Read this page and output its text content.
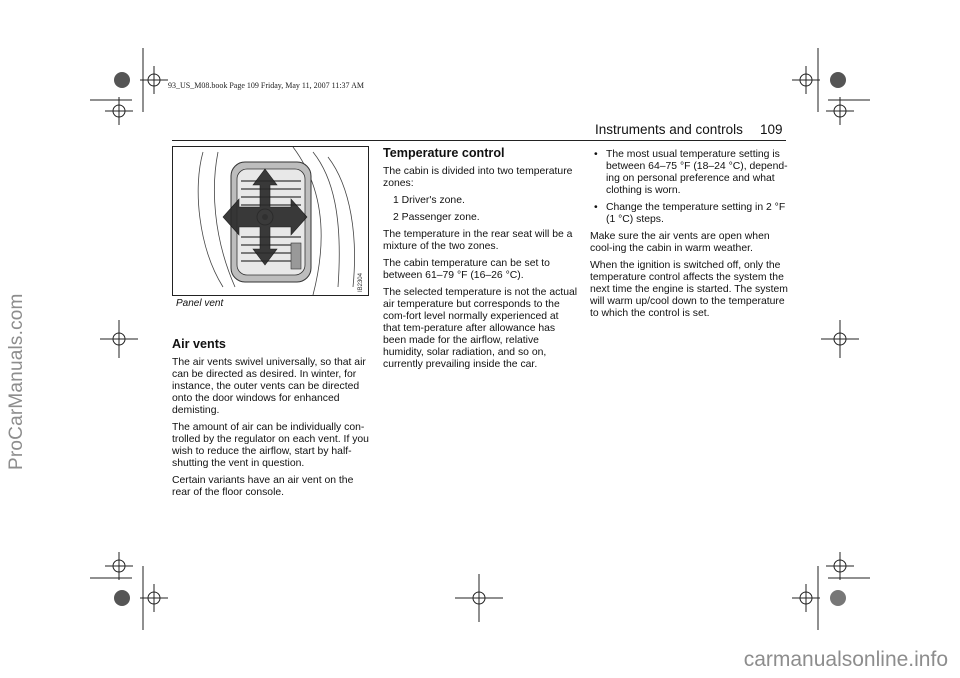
93_US_M08.book Page 109 Friday, May 11, 2007 11:37 AM
Instruments and controls 109
IB2304
Panel vent
Air vents

The air vents swivel universally, so that air can be directed as desired. In winter, for instance, the outer vents can be directed onto the door windows for enhanced demisting.

The amount of air can be individually con-trolled by the regulator on each vent. If you wish to reduce the airflow, start by half-shutting the vent in question.

Certain variants have an air vent on the rear of the floor console.

Temperature control

The cabin is divided into two temperature zones:

1 Driver's zone.

2 Passenger zone.

The temperature in the rear seat will be a mixture of the two zones.

The cabin temperature can be set to between 61–79 °F (16–26 °C).

The selected temperature is not the actual air temperature but corresponds to the com-fort level normally experienced at that tem-perature after allowance has been made for the airflow, relative humidity, solar radiation, and so on, currently prevailing inside the car.

• The most usual temperature setting is between 64–75 °F (18–24 °C), depend-ing on personal preference and what clothing is worn.
• Change the temperature setting in 2 °F (1 °C) steps.

Make sure the air vents are open when cool-ing the cabin in warm weather.

When the ignition is switched off, only the temperature control affects the system the next time the engine is started. The system will warm up/cool down to the temperature to which the control is set.

ProCarManuals.com
carmanualsonline.info
